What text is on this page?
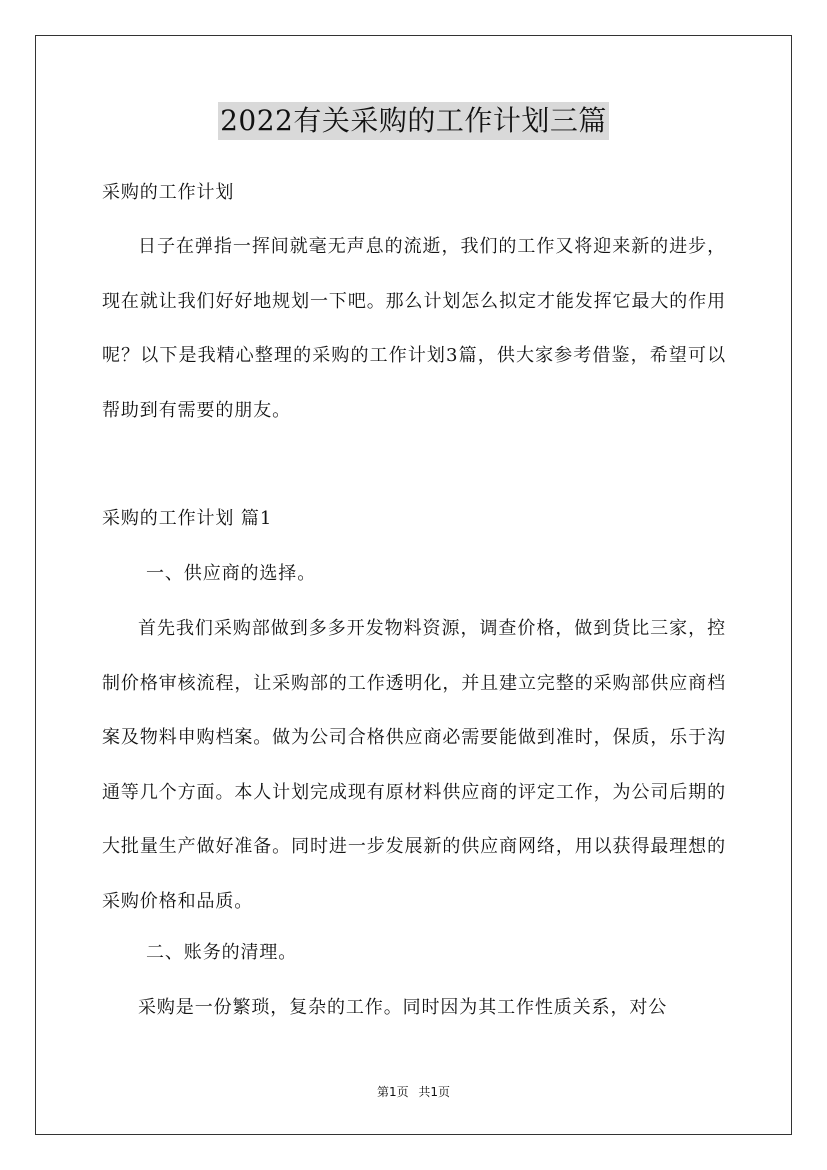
2022有关采购的工作计划三篇

采购的工作计划

日子在弹指一挥间就毫无声息的流逝，我们的工作又将迎来新的进步，现在就让我们好好地规划一下吧。那么计划怎么拟定才能发挥它最大的作用呢？以下是我精心整理的采购的工作计划3篇，供大家参考借鉴，希望可以帮助到有需要的朋友。

采购的工作计划 篇1

一、供应商的选择。

首先我们采购部做到多多开发物料资源，调查价格，做到货比三家，控制价格审核流程，让采购部的工作透明化，并且建立完整的采购部供应商档案及物料申购档案。做为公司合格供应商必需要能做到准时，保质，乐于沟通等几个方面。本人计划完成现有原材料供应商的评定工作，为公司后期的大批量生产做好准备。同时进一步发展新的供应商网络，用以获得最理想的采购价格和品质。

二、账务的清理。

采购是一份繁琐，复杂的工作。同时因为其工作性质关系，对公

第1页 共1页
